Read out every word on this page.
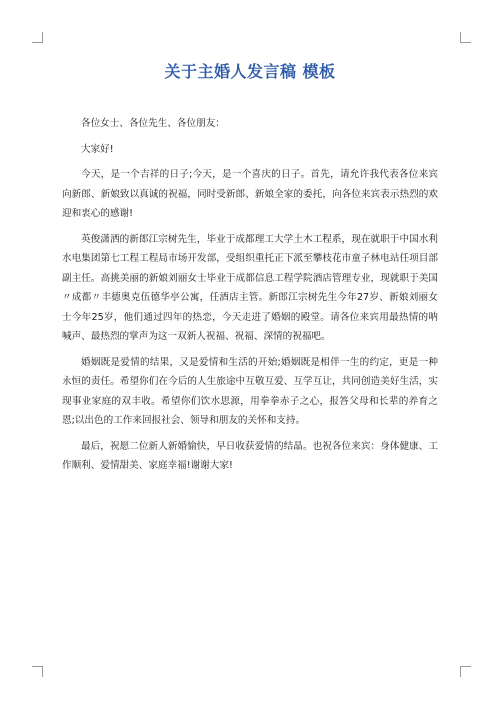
关于主婚人发言稿 模板

各位女士、各位先生、各位朋友：

大家好!

今天，是一个吉祥的日子;今天，是一个喜庆的日子。首先，请允许我代表各位来宾向新郎、新娘致以真诚的祝福，同时受新郎、新娘全家的委托，向各位来宾表示热烈的欢迎和衷心的感谢!

英俊潇洒的新郎江宗树先生，毕业于成都理工大学土木工程系，现在就职于中国水利水电集团第七工程工程局市场开发部，受组织重托正下派至攀枝花市童子林电站任项目部副主任。高挑美丽的新娘刘丽女士毕业于成都信息工程学院酒店管理专业，现就职于美国〃成都〃丰德奥克伍德华亭公寓，任酒店主管。新郎江宗树先生今年27岁、新娘刘丽女士今年25岁，他们通过四年的热恋，今天走进了婚姻的殿堂。请各位来宾用最热情的呐喊声、最热烈的掌声为这一双新人祝福、祝福、深情的祝福吧。

婚姻既是爱情的结果，又是爱情和生活的开始;婚姻既是相伴一生的约定，更是一种永恒的责任。希望你们在今后的人生旅途中互敬互爱、互学互让，共同创造美好生活，实现事业家庭的双丰收。希望你们饮水思源，用拳拳赤子之心，报答父母和长辈的养育之恩;以出色的工作来回报社会、领导和朋友的关怀和支持。

最后，祝愿二位新人新婚愉快，早日收获爱情的结晶。也祝各位来宾：身体健康、工作顺利、爱情甜美、家庭幸福!谢谢大家!
